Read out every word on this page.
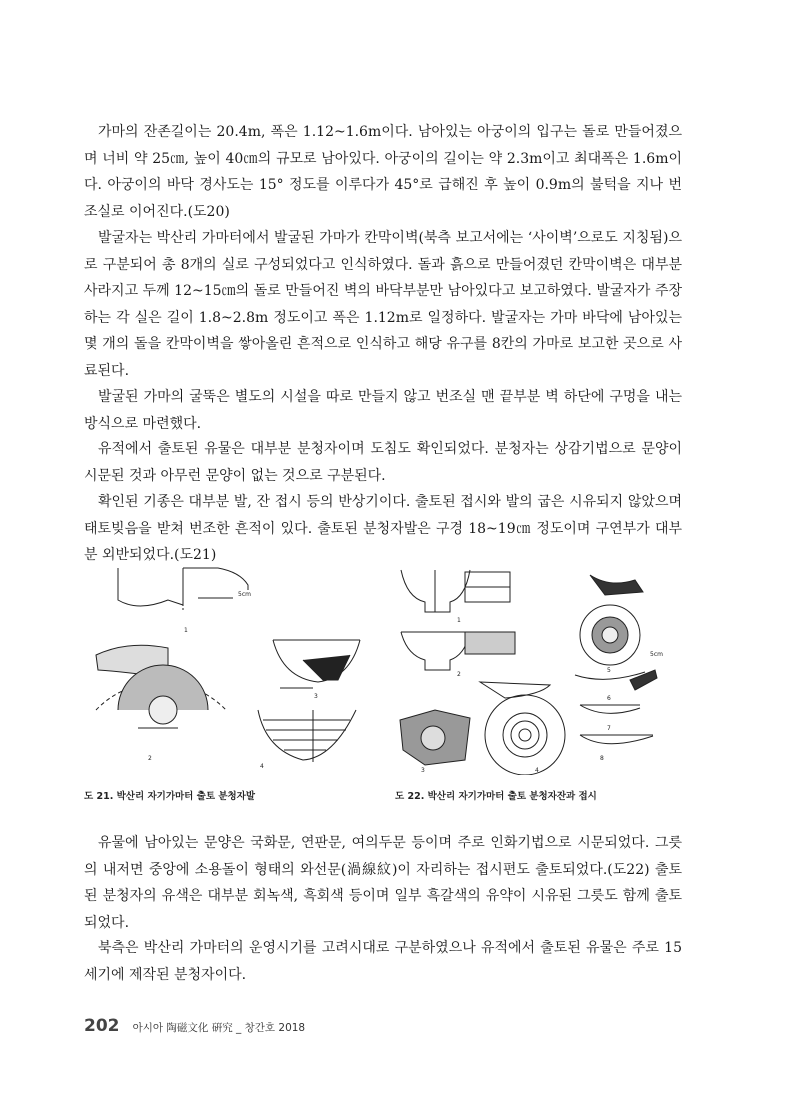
가마의 잔존길이는 20.4m, 폭은 1.12~1.6m이다. 남아있는 아궁이의 입구는 돌로 만들어졌으며 너비 약 25㎝, 높이 40㎝의 규모로 남아있다. 아궁이의 길이는 약 2.3m이고 최대폭은 1.6m이다. 아궁이의 바닥 경사도는 15° 정도를 이루다가 45°로 급해진 후 높이 0.9m의 불턱을 지나 번조실로 이어진다.(도20)

발굴자는 박산리 가마터에서 발굴된 가마가 칸막이벽(북측 보고서에는 ‘사이벽’으로도 지칭됨)으로 구분되어 총 8개의 실로 구성되었다고 인식하였다. 돌과 흙으로 만들어졌던 칸막이벽은 대부분 사라지고 두께 12~15㎝의 돌로 만들어진 벽의 바닥부분만 남아있다고 보고하였다. 발굴자가 주장하는 각 실은 길이 1.8~2.8m 정도이고 폭은 1.12m로 일정하다. 발굴자는 가마 바닥에 남아있는 몇 개의 돌을 칸막이벽을 쌓아올린 흔적으로 인식하고 해당 유구를 8칸의 가마로 보고한 곳으로 사료된다.

발굴된 가마의 굴뚝은 별도의 시설을 따로 만들지 않고 번조실 맨 끝부분 벽 하단에 구멍을 내는 방식으로 마련했다.

유적에서 출토된 유물은 대부분 분청자이며 도침도 확인되었다. 분청자는 상감기법으로 문양이 시문된 것과 아무런 문양이 없는 것으로 구분된다.

확인된 기종은 대부분 발, 잔 접시 등의 반상기이다. 출토된 접시와 발의 굽은 시유되지 않았으며 태토빚음을 받쳐 번조한 흔적이 있다. 출토된 분청자발은 구경 18~19㎝ 정도이며 구연부가 대부분 외반되었다.(도21)

1
2
3
4
5cm
1
2
3	4
5
6
7
8
5cm

도 21. 박산리 자기가마터 출토 분청자발	도 22. 박산리 자기가마터 출토 분청자잔과 접시

유물에 남아있는 문양은 국화문, 연판문, 여의두문 등이며 주로 인화기법으로 시문되었다. 그릇의 내저면 중앙에 소용돌이 형태의 와선문(渦線紋)이 자리하는 접시편도 출토되었다.(도22) 출토된 분청자의 유색은 대부분 회녹색, 흑회색 등이며 일부 흑갈색의 유약이 시유된 그릇도 함께 출토되었다.

북측은 박산리 가마터의 운영시기를 고려시대로 구분하였으나 유적에서 출토된 유물은 주로 15세기에 제작된 분청자이다.

202 아시아 陶磁文化 硏究 _ 창간호 2018
